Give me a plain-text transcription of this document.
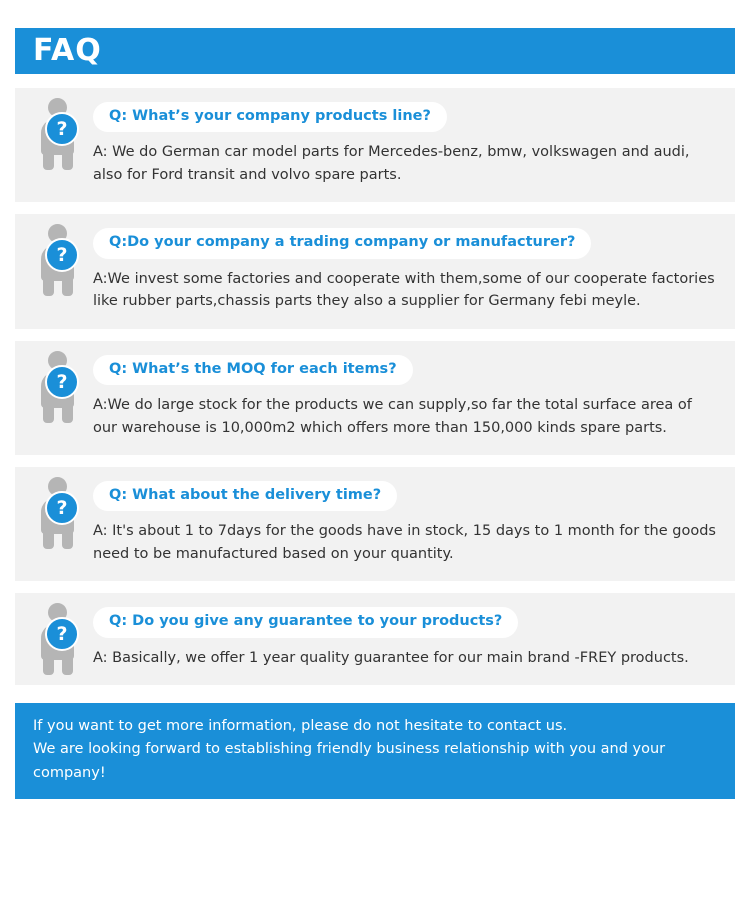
FAQ
?
Q: What’s your company products line?
A: We do German car model parts for Mercedes-benz, bmw, volkswagen and audi, also for Ford transit and volvo spare parts.
?
Q:Do your company a trading company or manufacturer?
A:We invest some factories and cooperate with them,some of our cooperate factories like rubber parts,chassis parts they also a supplier for Germany febi meyle.
?
Q: What’s the MOQ for each items?
A:We do large stock for the products we can supply,so far the total surface area of our warehouse is 10,000m2 which offers more than 150,000 kinds spare parts.
?
Q: What about the delivery time?
A: It's about 1 to 7days for the goods have in stock, 15 days to 1 month for the goods need to be manufactured based on your quantity.
?
Q: Do you give any guarantee to your products?
A: Basically, we offer 1 year quality guarantee for our main brand -FREY products.

If you want to get more information, please do not hesitate to contact us.

We are looking forward to establishing friendly business relationship with you and your company!
